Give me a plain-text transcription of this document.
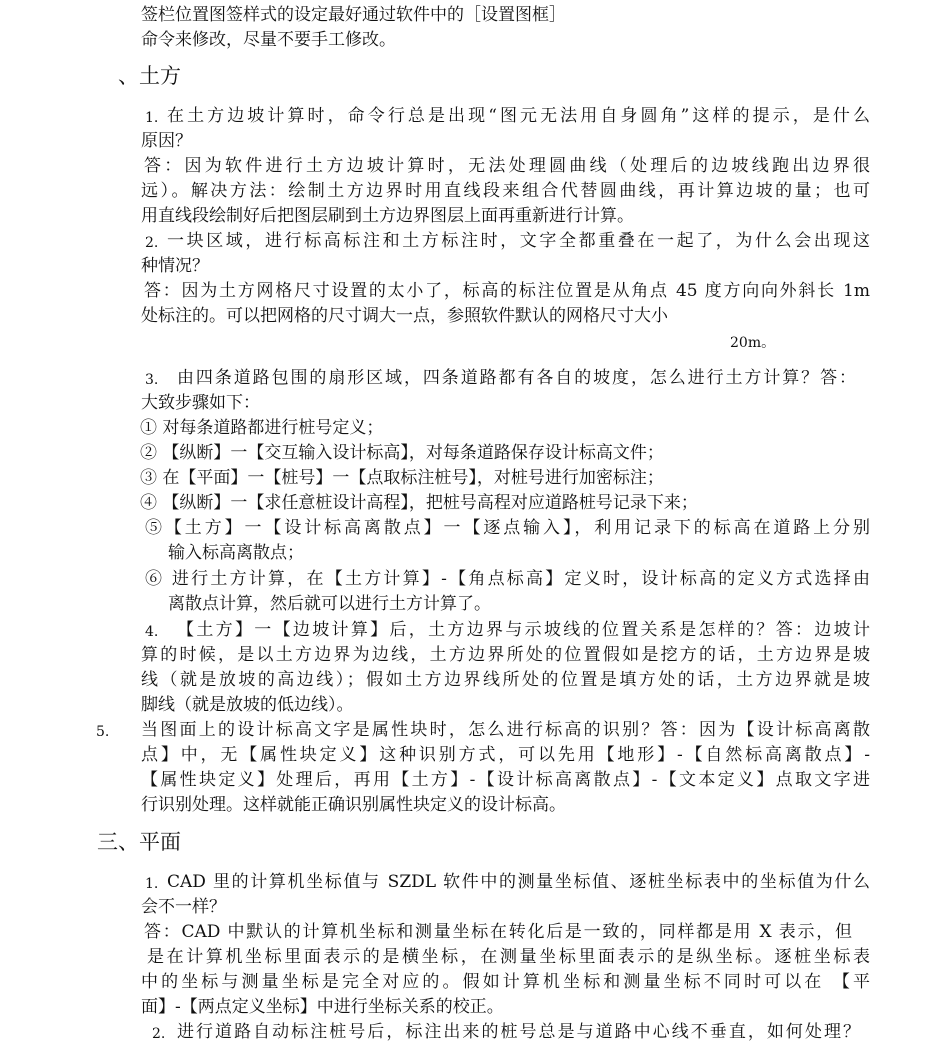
签栏位置图签样式的设定最好通过软件中的［设置图框］
命令来修改，尽量不要手工修改。
、土方
1. 在土方边坡计算时，命令行总是出现“图元无法用自身圆角”这样的提示，是什么
原因？
答：因为软件进行土方边坡计算时，无法处理圆曲线（处理后的边坡线跑出边界很
远）。解决方法：绘制土方边界时用直线段来组合代替圆曲线，再计算边坡的量；也可
用直线段绘制好后把图层刷到土方边界图层上面再重新进行计算。
2. 一块区域，进行标高标注和土方标注时，文字全都重叠在一起了，为什么会出现这
种情况？
答：因为土方网格尺寸设置的太小了，标高的标注位置是从角点 45 度方向向外斜长 1m
处标注的。可以把网格的尺寸调大一点，参照软件默认的网格尺寸大小
20m。
3. 由四条道路包围的扇形区域，四条道路都有各自的坡度，怎么进行土方计算？答：
大致步骤如下：
① 对每条道路都进行桩号定义；
② 【纵断】一【交互输入设计标高】，对每条道路保存设计标高文件；
③ 在【平面】一【桩号】一【点取标注桩号】，对桩号进行加密标注；
④ 【纵断】一【求任意桩设计高程】，把桩号高程对应道路桩号记录下来；
⑤【土方】一【设计标高离散点】一【逐点输入】，利用记录下的标高在道路上分别
输入标高离散点；
⑥ 进行土方计算，在【土方计算】-【角点标高】定义时，设计标高的定义方式选择由
离散点计算，然后就可以进行土方计算了。
4. 【土方】一【边坡计算】后，土方边界与示坡线的位置关系是怎样的？答：边坡计
算的时候，是以土方边界为边线，土方边界所处的位置假如是挖方的话，土方边界是坡
线（就是放坡的高边线）；假如土方边界线所处的位置是填方处的话，土方边界就是坡
脚线（就是放坡的低边线）。
5. 当图面上的设计标高文字是属性块时，怎么进行标高的识别？答：因为【设计标高离散
点】中，无【属性块定义】这种识别方式，可以先用【地形】-【自然标高离散点】-
【属性块定义】处理后，再用【土方】-【设计标高离散点】-【文本定义】点取文字进
行识别处理。这样就能正确识别属性块定义的设计标高。
三、平面
1. CAD 里的计算机坐标值与 SZDL 软件中的测量坐标值、逐桩坐标表中的坐标值为什么
会不一样？
答：CAD 中默认的计算机坐标和测量坐标在转化后是一致的，同样都是用 X 表示，但
是在计算机坐标里面表示的是横坐标，在测量坐标里面表示的是纵坐标。逐桩坐标表
中的坐标与测量坐标是完全对应的。假如计算机坐标和测量坐标不同时可以在 【平
面】-【两点定义坐标】中进行坐标关系的校正。
2. 进行道路自动标注桩号后，标注出来的桩号总是与道路中心线不垂直，如何处理？
